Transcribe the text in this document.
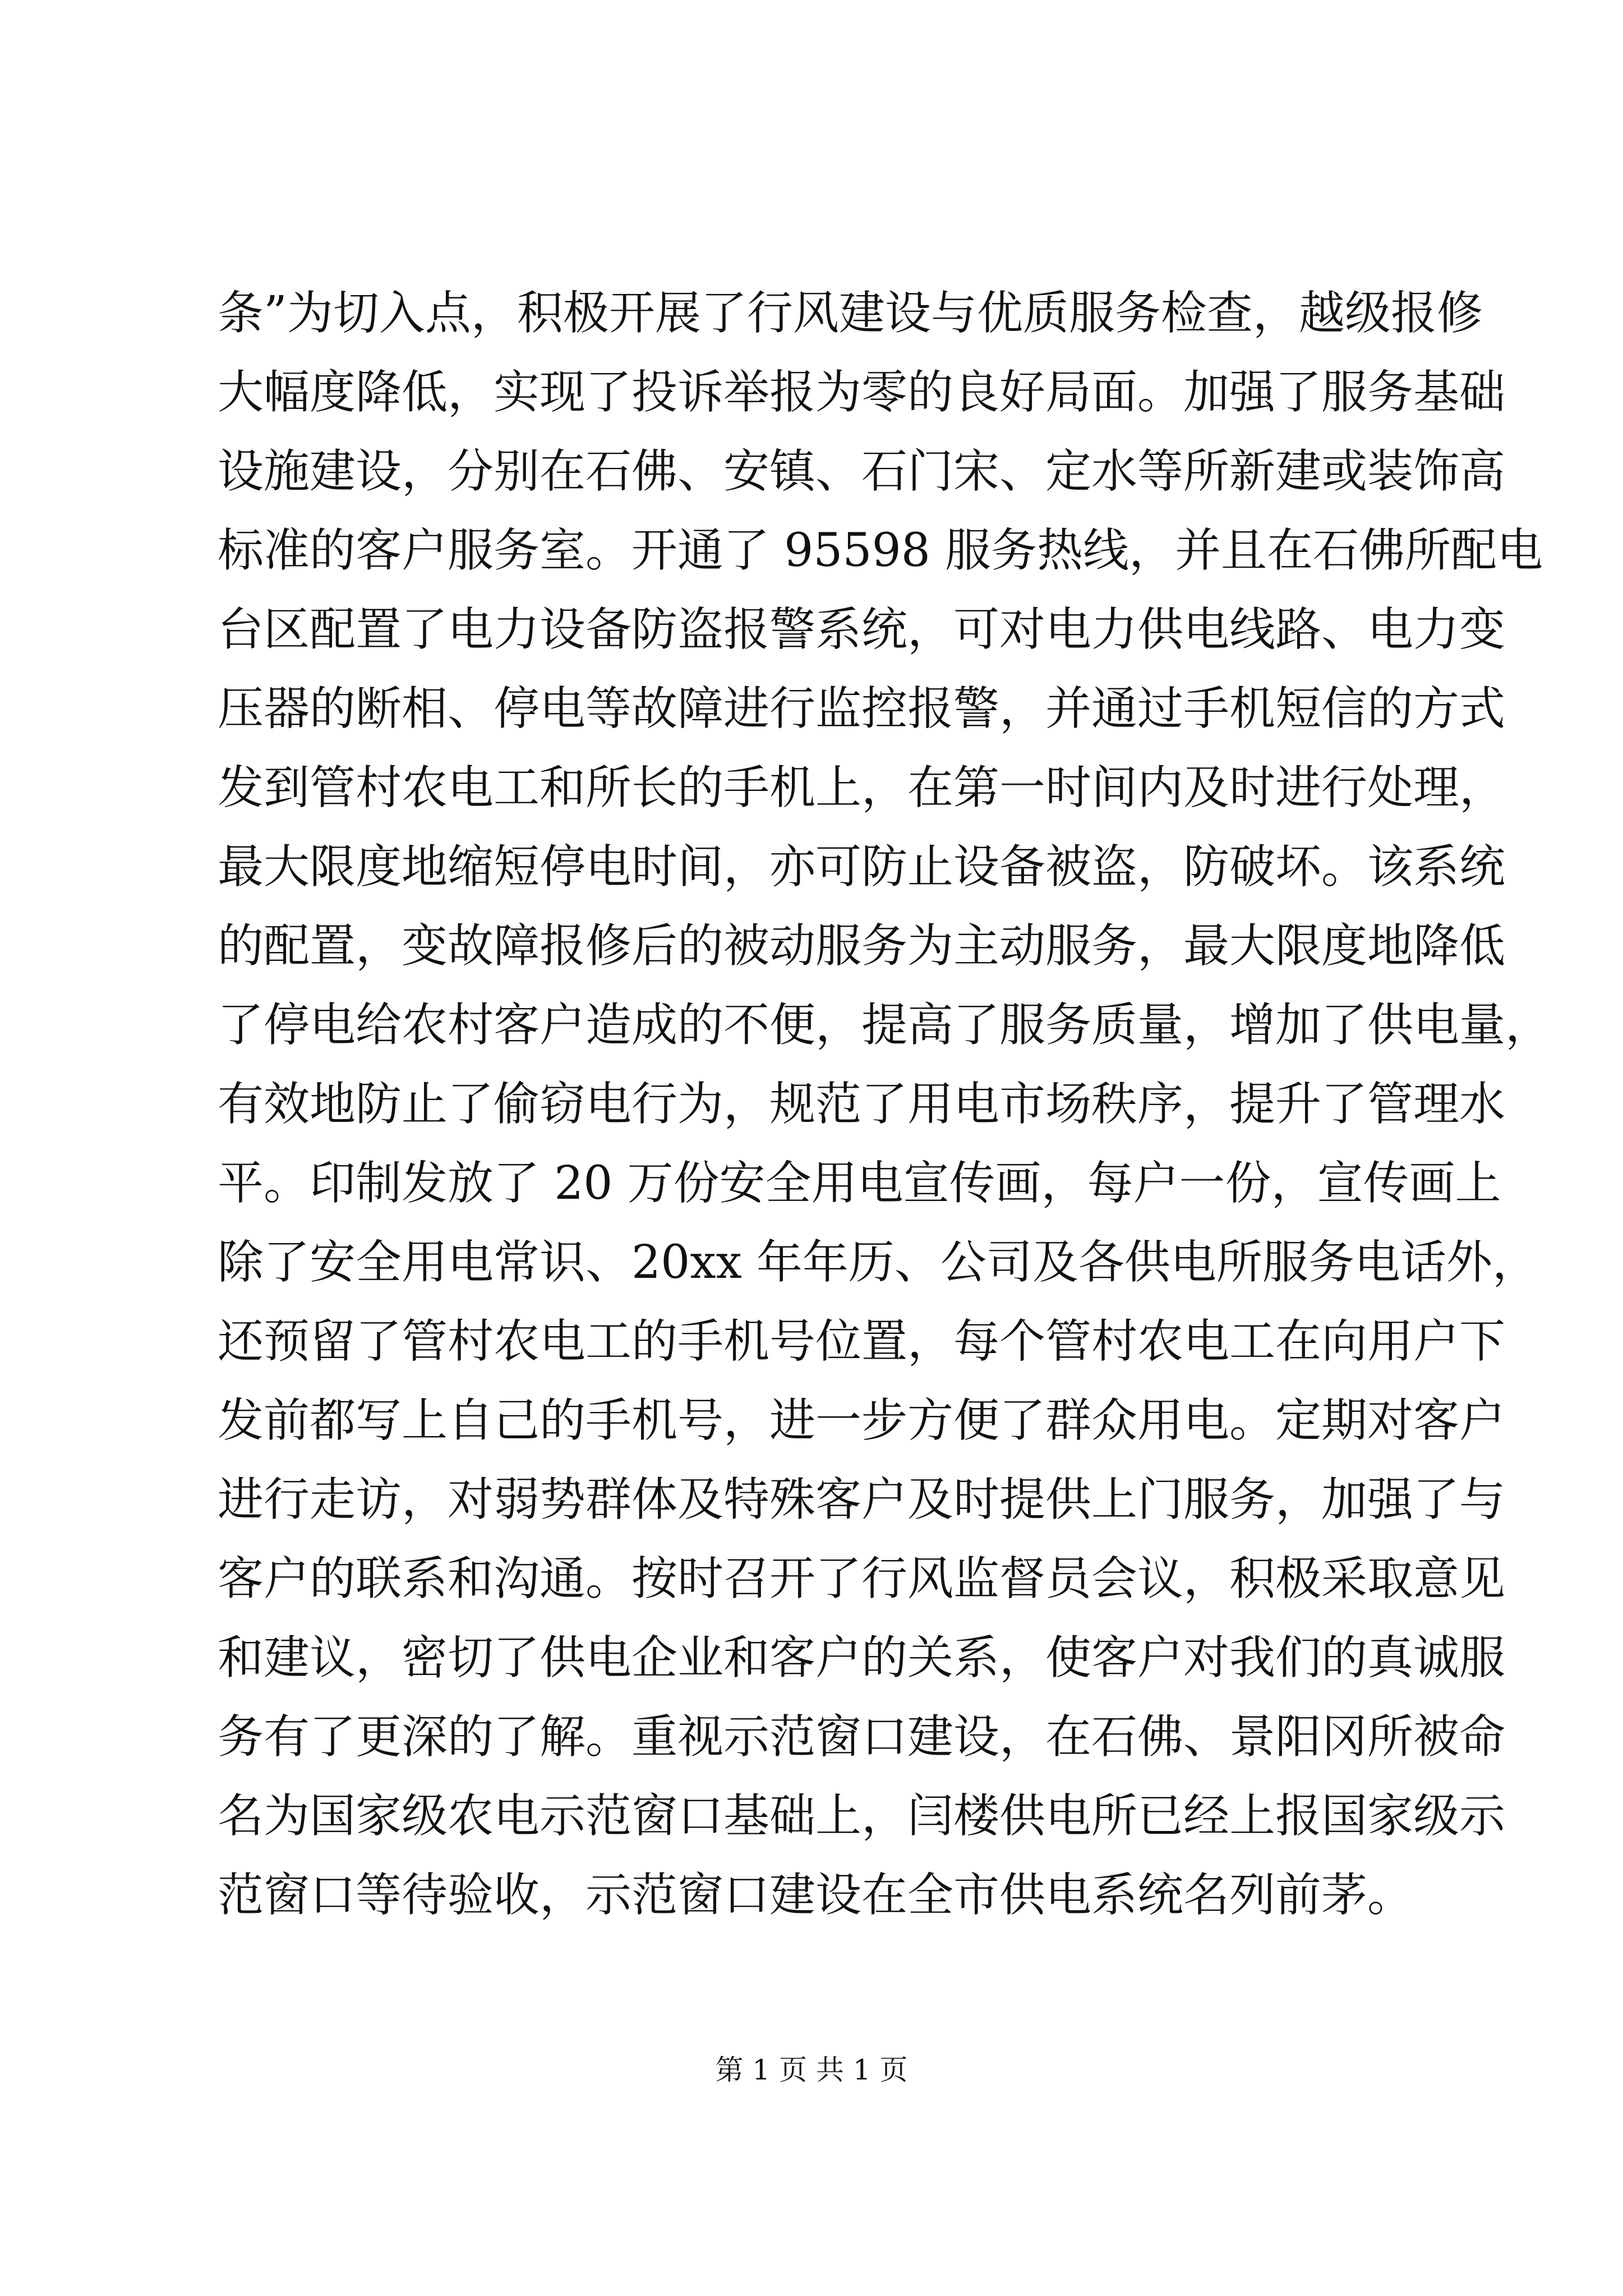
条”为切入点，积极开展了行风建设与优质服务检查，越级报修
大幅度降低，实现了投诉举报为零的良好局面。加强了服务基础
设施建设，分别在石佛、安镇、石门宋、定水等所新建或装饰高
标准的客户服务室。开通了 95598 服务热线，并且在石佛所配电
台区配置了电力设备防盗报警系统，可对电力供电线路、电力变
压器的断相、停电等故障进行监控报警，并通过手机短信的方式
发到管村农电工和所长的手机上，在第一时间内及时进行处理，
最大限度地缩短停电时间，亦可防止设备被盗，防破坏。该系统
的配置，变故障报修后的被动服务为主动服务，最大限度地降低
了停电给农村客户造成的不便，提高了服务质量，增加了供电量，
有效地防止了偷窃电行为，规范了用电市场秩序，提升了管理水
平。印制发放了 20 万份安全用电宣传画，每户一份，宣传画上
除了安全用电常识、20xx 年年历、公司及各供电所服务电话外，
还预留了管村农电工的手机号位置，每个管村农电工在向用户下
发前都写上自己的手机号，进一步方便了群众用电。定期对客户
进行走访，对弱势群体及特殊客户及时提供上门服务，加强了与
客户的联系和沟通。按时召开了行风监督员会议，积极采取意见
和建议，密切了供电企业和客户的关系，使客户对我们的真诚服
务有了更深的了解。重视示范窗口建设，在石佛、景阳冈所被命
名为国家级农电示范窗口基础上，闫楼供电所已经上报国家级示
范窗口等待验收，示范窗口建设在全市供电系统名列前茅。
第 1 页 共 1 页
